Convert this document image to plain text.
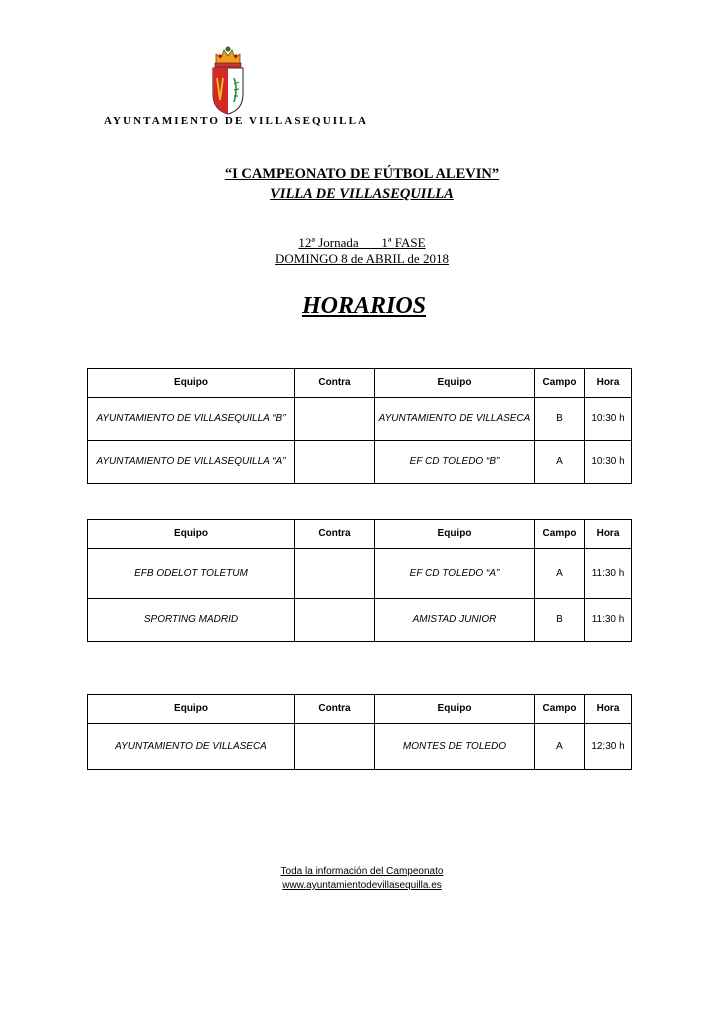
AYUNTAMIENTO DE VILLASEQUILLA
“I CAMPEONATO DE FÚTBOL ALEVIN”
VILLA DE VILLASEQUILLA
12ª Jornada       1ª FASE
DOMINGO 8 de ABRIL de 2018
HORARIOS
Equipo	Contra	Equipo	Campo	Hora
AYUNTAMIENTO DE VILLASEQUILLA “B”		AYUNTAMIENTO DE VILLASECA	B	10:30 h
AYUNTAMIENTO DE VILLASEQUILLA “A”		EF CD TOLEDO “B”	A	10:30 h
Equipo	Contra	Equipo	Campo	Hora
EFB ODELOT TOLETUM		EF CD TOLEDO “A”	A	11:30 h
SPORTING MADRID		AMISTAD JUNIOR	B	11:30 h
Equipo	Contra	Equipo	Campo	Hora
AYUNTAMIENTO DE VILLASECA		MONTES DE TOLEDO	A	12:30 h
Toda la información del Campeonato
www.ayuntamientodevillasequilla.es
